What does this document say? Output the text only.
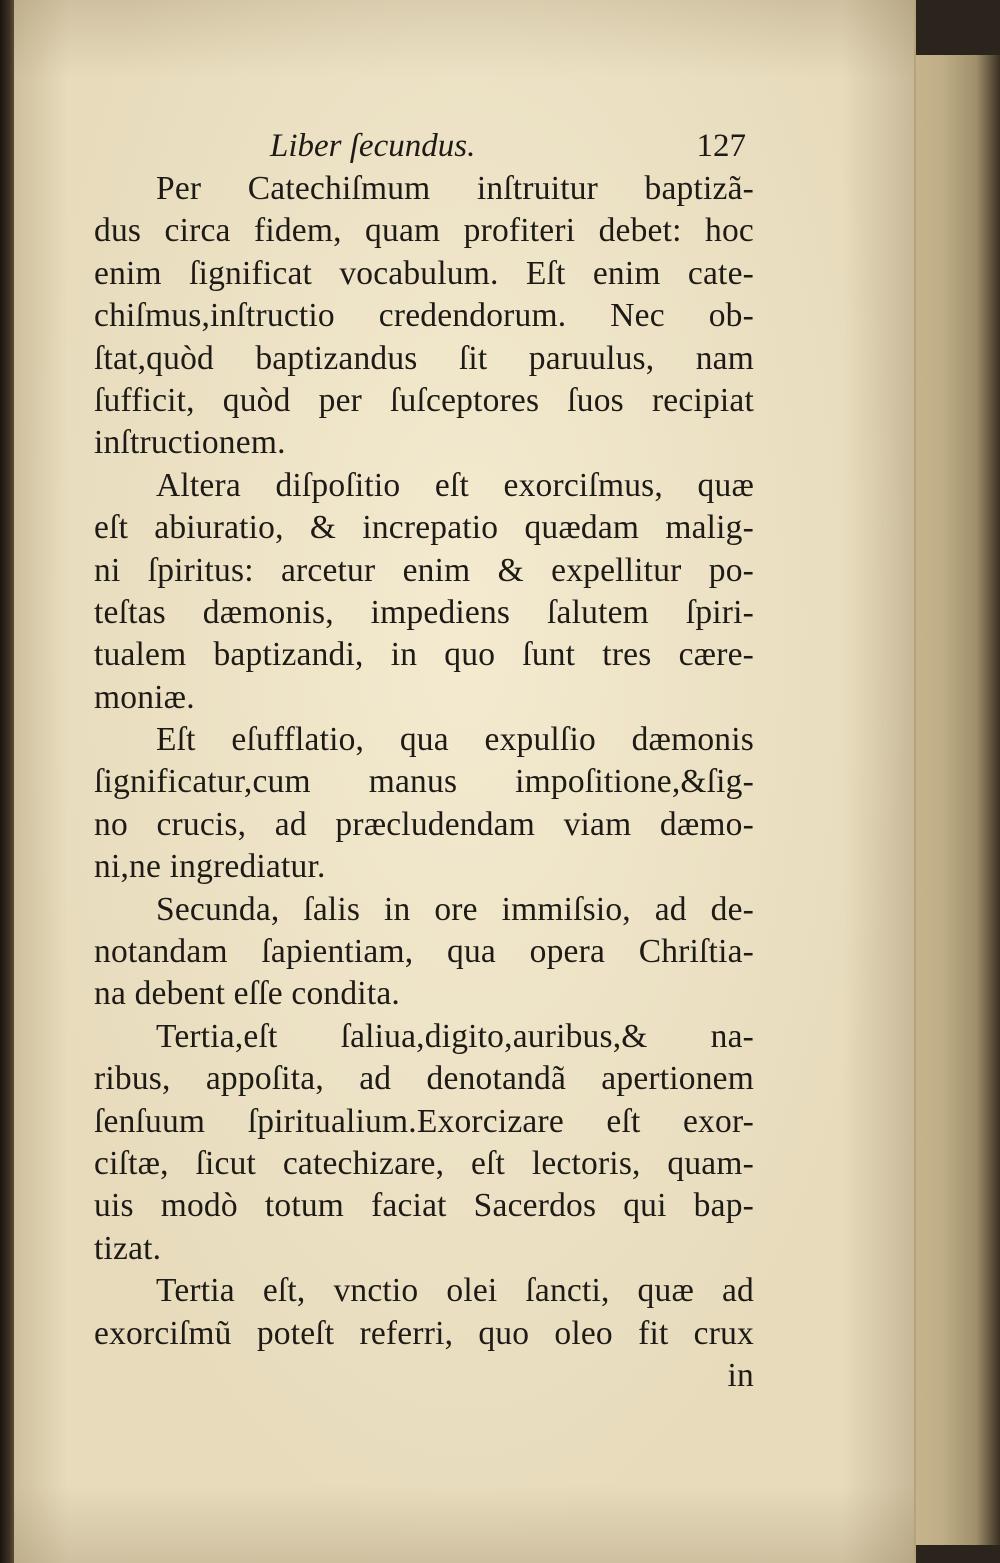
Liber ſecundus.	127
Per Catechiſmum inſtruitur baptizã-
dus circa fidem, quam profiteri debet: hoc
enim ſignificat vocabulum. Eſt enim cate-
chiſmus,inſtructio credendorum. Nec ob-
ſtat,quòd baptizandus ſit paruulus, nam
ſufficit, quòd per ſuſceptores ſuos recipiat
inſtructionem.
Altera diſpoſitio eſt exorciſmus, quæ
eſt abiuratio, & increpatio quædam malig-
ni ſpiritus: arcetur enim & expellitur po-
teſtas dæmonis, impediens ſalutem ſpiri-
tualem baptizandi, in quo ſunt tres cære-
moniæ.
Eſt eſufflatio, qua expulſio dæmonis
ſignificatur,cum manus impoſitione,&ſig-
no crucis, ad præcludendam viam dæmo-
ni,ne ingrediatur.
Secunda, ſalis in ore immiſsio, ad de-
notandam ſapientiam, qua opera Chriſtia-
na debent eſſe condita.
Tertia,eſt ſaliua,digito,auribus,& na-
ribus, appoſita, ad denotandã apertionem
ſenſuum ſpiritualium.Exorcizare eſt exor-
ciſtæ, ſicut catechizare, eſt lectoris, quam-
uis modò totum faciat Sacerdos qui bap-
tizat.
Tertia eſt, vnctio olei ſancti, quæ ad
exorciſmũ poteſt referri, quo oleo fit crux
in
